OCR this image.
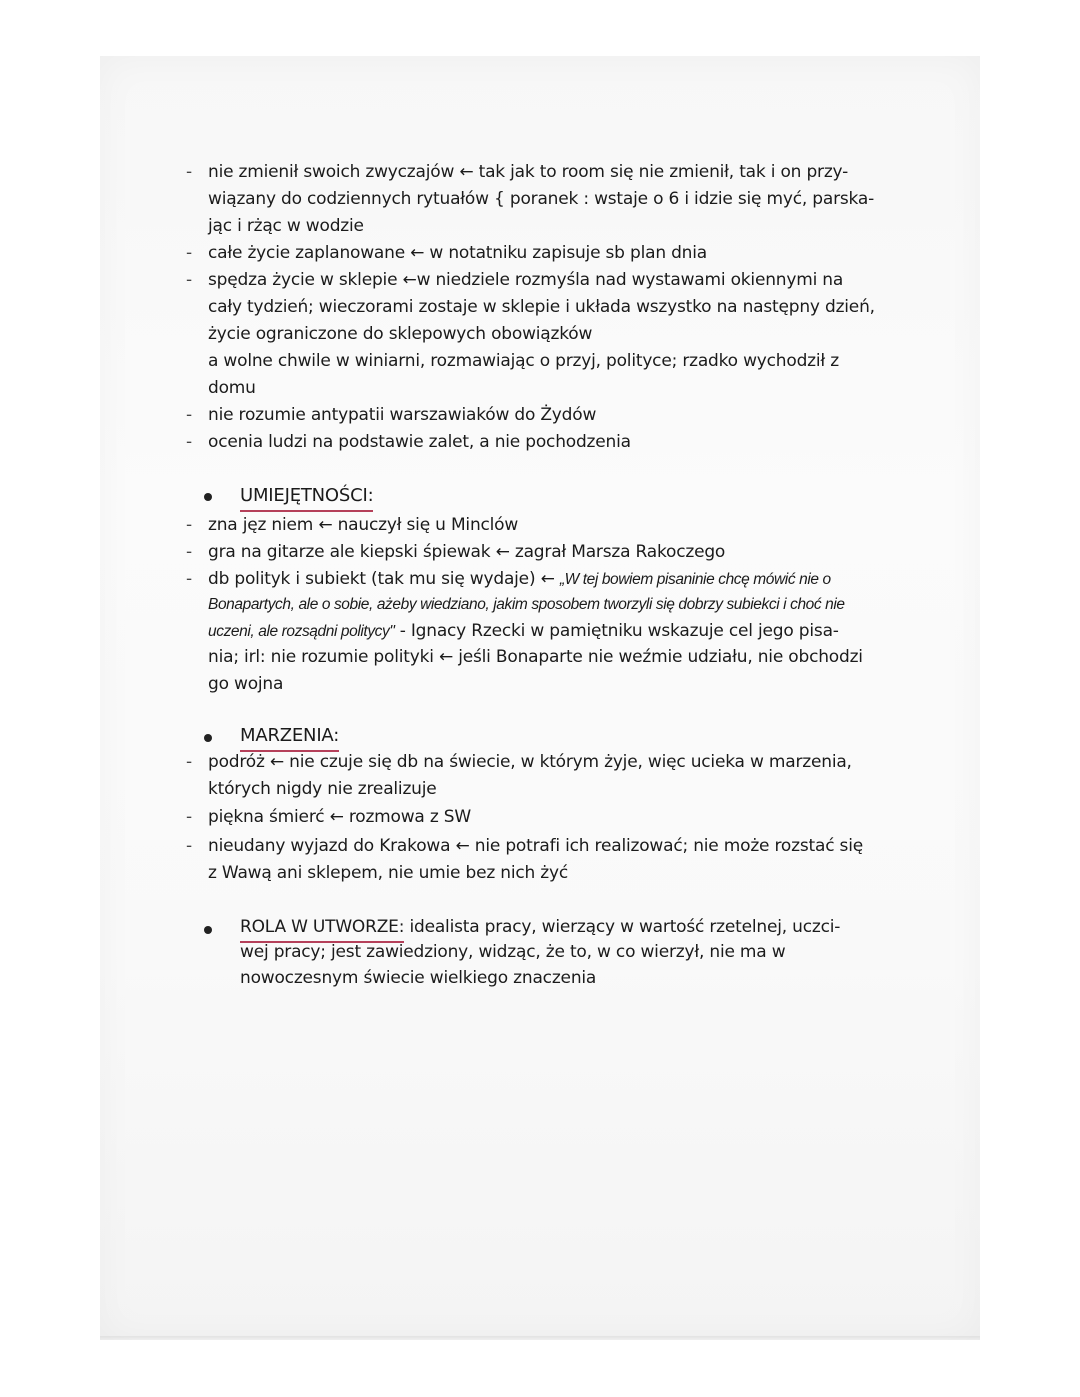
- nie zmienił swoich zwyczajów ← tak jak to room się nie zmienił, tak i on przy-
wiązany do codziennych rytuałów { poranek : wstaje o 6 i idzie się myć, parska-
jąc i rżąc w wodzie
- całe życie zaplanowane ← w notatniku zapisuje sb plan dnia
- spędza życie w sklepie ←w niedziele rozmyśla nad wystawami okiennymi na
cały tydzień; wieczorami zostaje w sklepie i układa wszystko na następny dzień,
życie ograniczone do sklepowych obowiązków
a wolne chwile w winiarni, rozmawiając o przyj, polityce; rzadko wychodził z
domu
- nie rozumie antypatii warszawiaków do Żydów
- ocenia ludzi na podstawie zalet, a nie pochodzenia
UMIEJĘTNOŚCI:
- zna jęz niem ← nauczył się u Minclów
- gra na gitarze ale kiepski śpiewak ← zagrał Marsza Rakoczego
- db polityk i subiekt (tak mu się wydaje) ← „W tej bowiem pisaninie chcę mówić nie o
Bonapartych, ale o sobie, ażeby wiedziano, jakim sposobem tworzyli się dobrzy subiekci i choć nie
uczeni, ale rozsądni politycy" - Ignacy Rzecki w pamiętniku wskazuje cel jego pisa-
nia; irl: nie rozumie polityki ← jeśli Bonaparte nie weźmie udziału, nie obchodzi
go wojna
MARZENIA:
- podróż ← nie czuje się db na świecie, w którym żyje, więc ucieka w marzenia,
których nigdy nie zrealizuje
- piękna śmierć ← rozmowa z SW
- nieudany wyjazd do Krakowa ← nie potrafi ich realizować; nie może rozstać się
z Wawą ani sklepem, nie umie bez nich żyć
ROLA W UTWORZE: idealista pracy, wierzący w wartość rzetelnej, uczci-
wej pracy; jest zawiedziony, widząc, że to, w co wierzył, nie ma w
nowoczesnym świecie wielkiego znaczenia
